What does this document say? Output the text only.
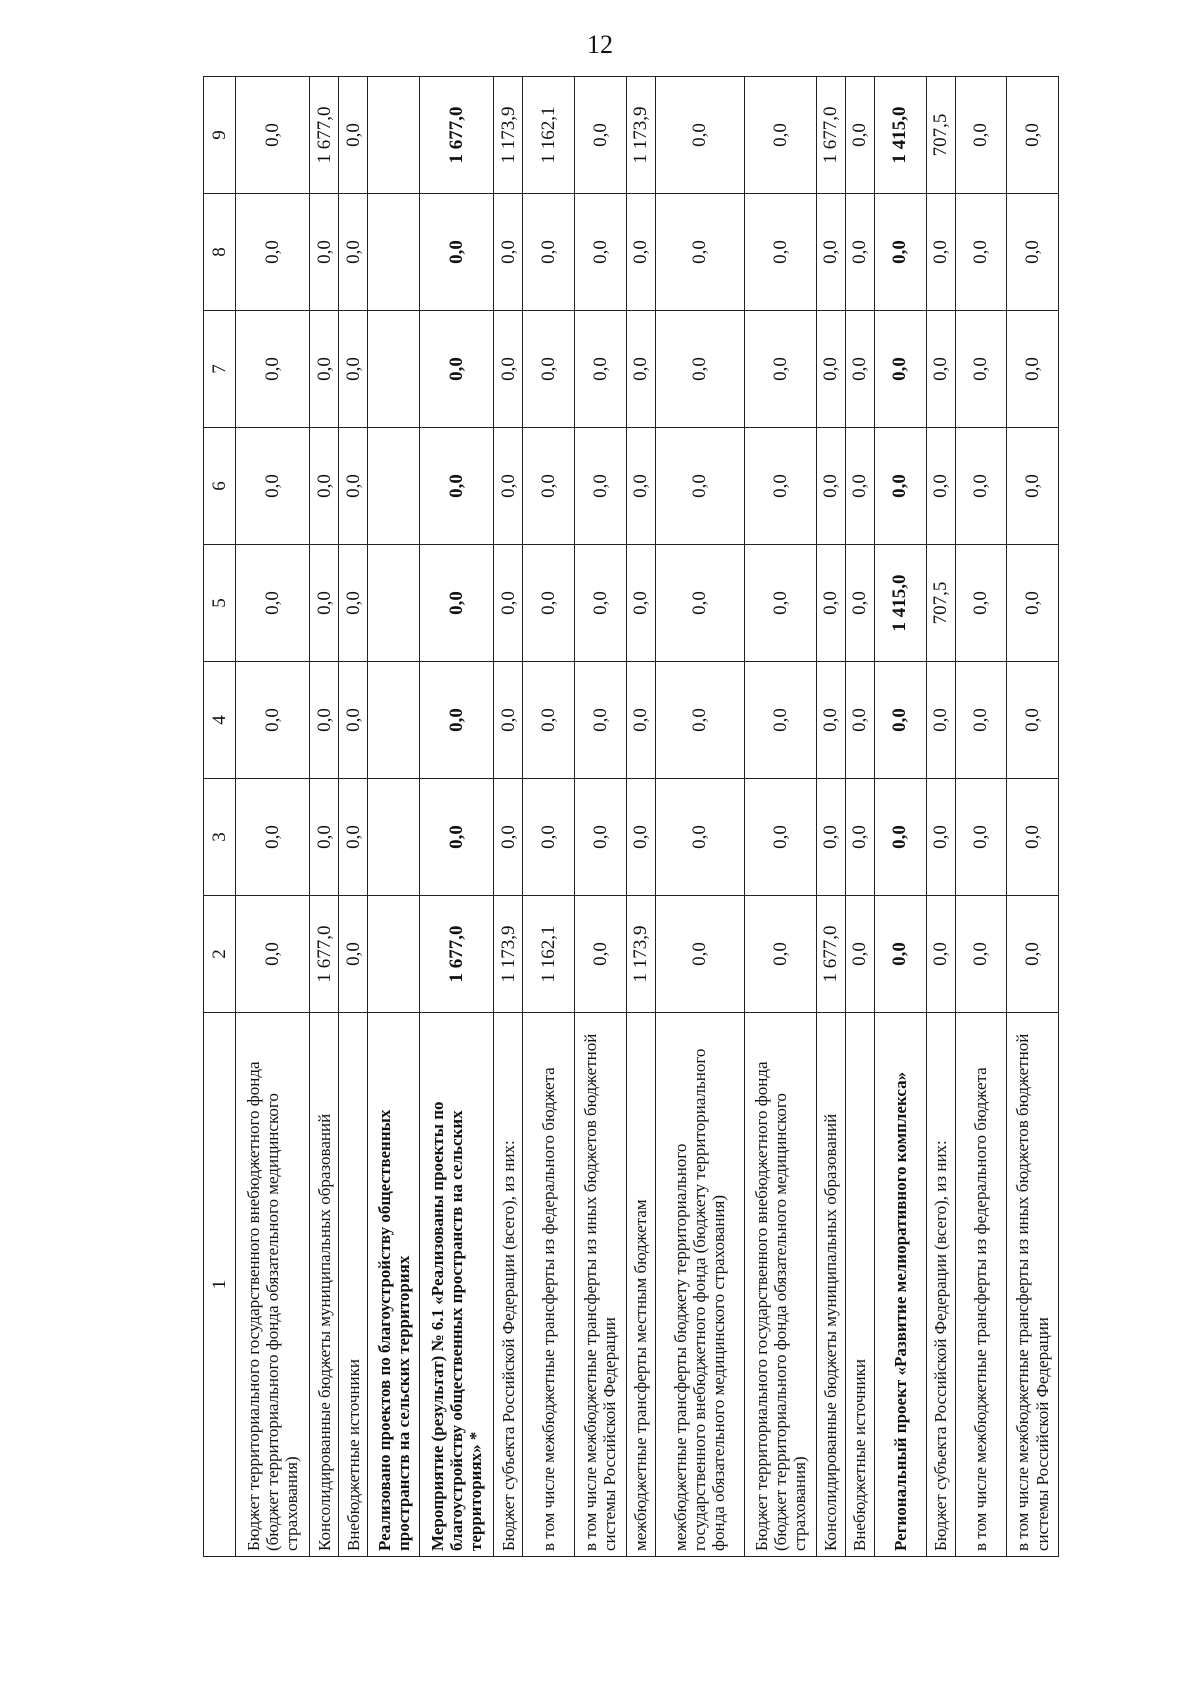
12
1	2	3	4	5	6	7	8	9
Бюджет территориального государственного внебюджетного фонда (бюджет территориального фонда обязательного медицинского страхования)	0,0	0,0	0,0	0,0	0,0	0,0	0,0	0,0
Консолидированные бюджеты муниципальных образований	1 677,0	0,0	0,0	0,0	0,0	0,0	0,0	1 677,0
Внебюджетные источники	0,0	0,0	0,0	0,0	0,0	0,0	0,0	0,0
Реализовано проектов по благоустройству общественных пространств на сельских территориях								
Мероприятие (результат) № 6.1 «Реализованы проекты по благоустройству общественных пространств на сельских территориях» *	1 677,0	0,0	0,0	0,0	0,0	0,0	0,0	1 677,0
Бюджет субъекта Российской Федерации (всего), из них:	1 173,9	0,0	0,0	0,0	0,0	0,0	0,0	1 173,9
в том числе межбюджетные трансферты из федерального бюджета	1 162,1	0,0	0,0	0,0	0,0	0,0	0,0	1 162,1
в том числе межбюджетные трансферты из иных бюджетов бюджетной системы Российской Федерации	0,0	0,0	0,0	0,0	0,0	0,0	0,0	0,0
межбюджетные трансферты местным бюджетам	1 173,9	0,0	0,0	0,0	0,0	0,0	0,0	1 173,9
межбюджетные трансферты бюджету территориального государственного внебюджетного фонда (бюджету территориального фонда обязательного медицинского страхования)	0,0	0,0	0,0	0,0	0,0	0,0	0,0	0,0
Бюджет территориального государственного внебюджетного фонда (бюджет территориального фонда обязательного медицинского страхования)	0,0	0,0	0,0	0,0	0,0	0,0	0,0	0,0
Консолидированные бюджеты муниципальных образований	1 677,0	0,0	0,0	0,0	0,0	0,0	0,0	1 677,0
Внебюджетные источники	0,0	0,0	0,0	0,0	0,0	0,0	0,0	0,0
Региональный проект «Развитие мелиоративного комплекса»	0,0	0,0	0,0	1 415,0	0,0	0,0	0,0	1 415,0
Бюджет субъекта Российской Федерации (всего), из них:	0,0	0,0	0,0	707,5	0,0	0,0	0,0	707,5
в том числе межбюджетные трансферты из федерального бюджета	0,0	0,0	0,0	0,0	0,0	0,0	0,0	0,0
в том числе межбюджетные трансферты из иных бюджетов бюджетной системы Российской Федерации	0,0	0,0	0,0	0,0	0,0	0,0	0,0	0,0
